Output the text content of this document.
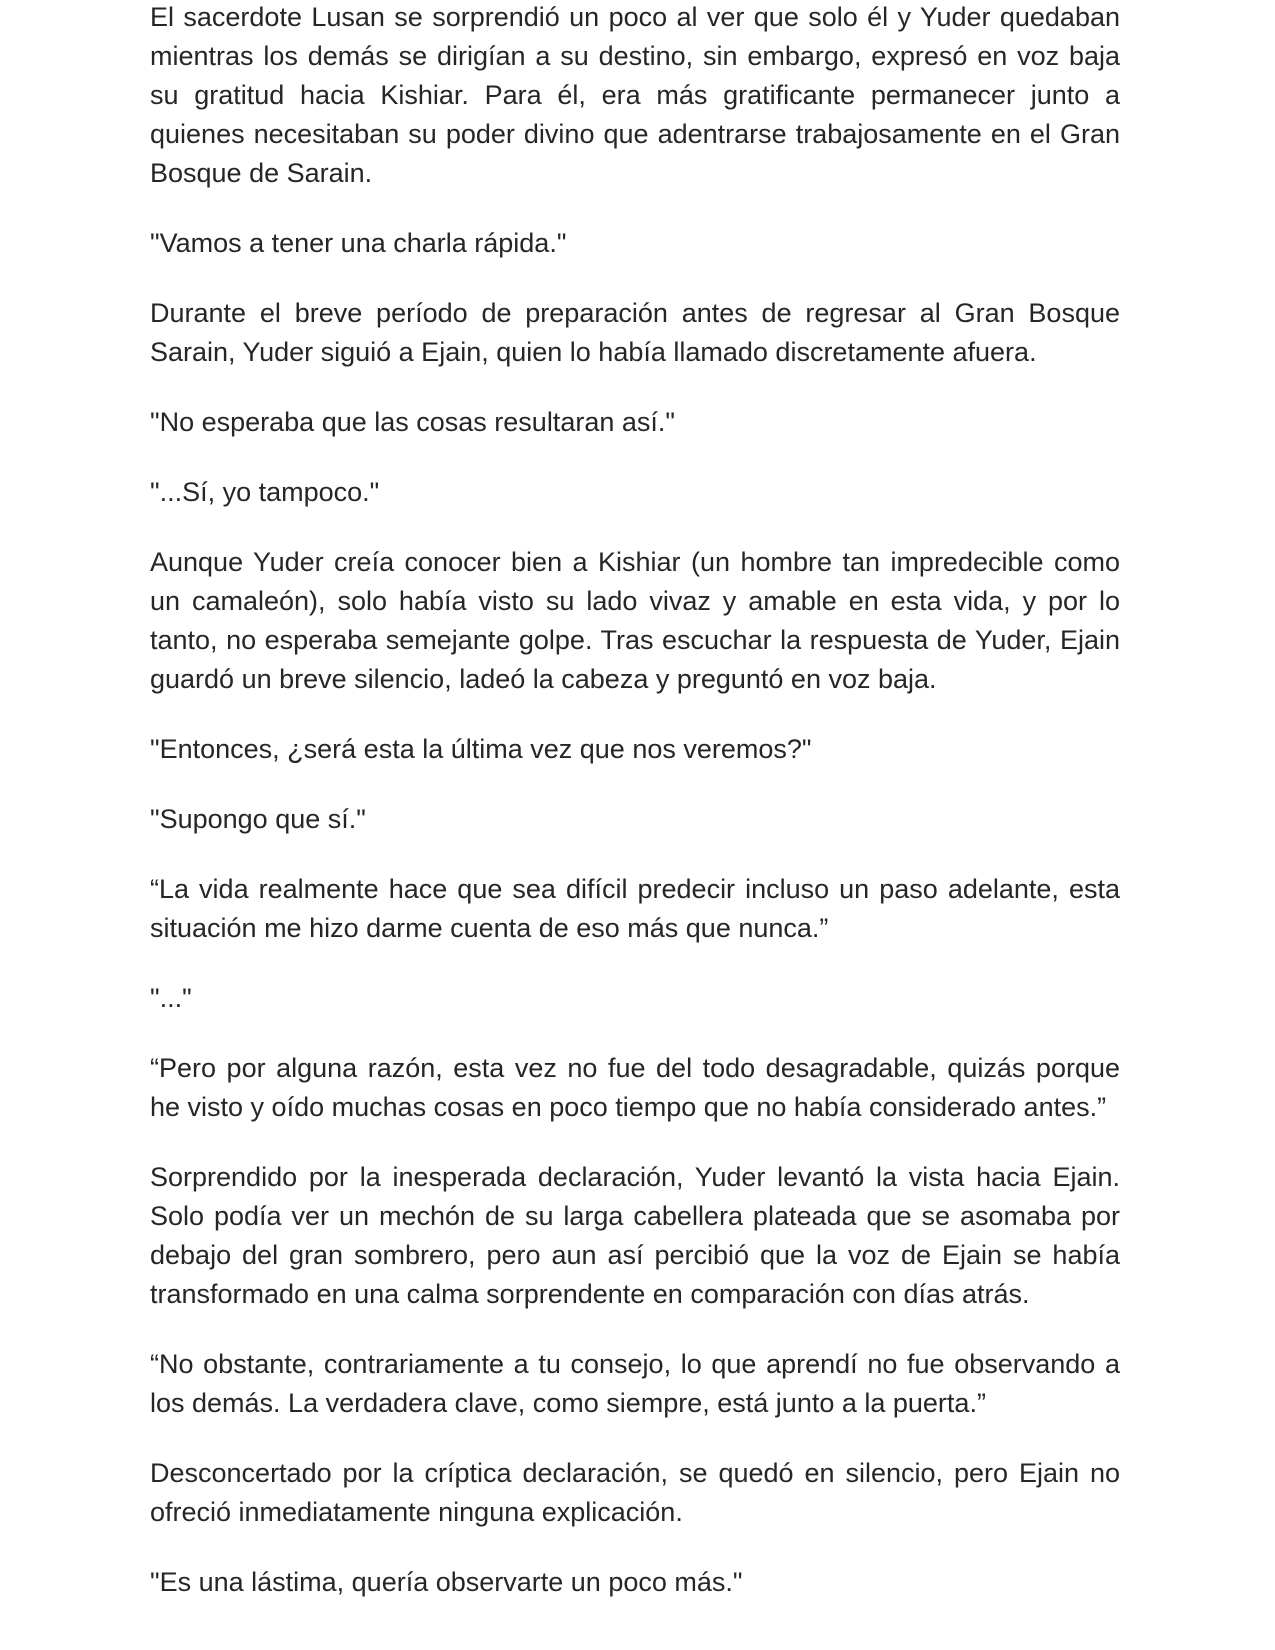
El sacerdote Lusan se sorprendió un poco al ver que solo él y Yuder quedaban mientras los demás se dirigían a su destino, sin embargo, expresó en voz baja su gratitud hacia Kishiar. Para él, era más gratificante permanecer junto a quienes necesitaban su poder divino que adentrarse trabajosamente en el Gran Bosque de Sarain.

"Vamos a tener una charla rápida."

Durante el breve período de preparación antes de regresar al Gran Bosque Sarain, Yuder siguió a Ejain, quien lo había llamado discretamente afuera.

"No esperaba que las cosas resultaran así."

"...Sí, yo tampoco."

Aunque Yuder creía conocer bien a Kishiar (un hombre tan impredecible como un camaleón), solo había visto su lado vivaz y amable en esta vida, y por lo tanto, no esperaba semejante golpe. Tras escuchar la respuesta de Yuder, Ejain guardó un breve silencio, ladeó la cabeza y preguntó en voz baja.

"Entonces, ¿será esta la última vez que nos veremos?"

"Supongo que sí."

“La vida realmente hace que sea difícil predecir incluso un paso adelante, esta situación me hizo darme cuenta de eso más que nunca.”

"..."

“Pero por alguna razón, esta vez no fue del todo desagradable, quizás porque he visto y oído muchas cosas en poco tiempo que no había considerado antes.”

Sorprendido por la inesperada declaración, Yuder levantó la vista hacia Ejain. Solo podía ver un mechón de su larga cabellera plateada que se asomaba por debajo del gran sombrero, pero aun así percibió que la voz de Ejain se había transformado en una calma sorprendente en comparación con días atrás.

“No obstante, contrariamente a tu consejo, lo que aprendí no fue observando a los demás. La verdadera clave, como siempre, está junto a la puerta.”

Desconcertado por la críptica declaración, se quedó en silencio, pero Ejain no ofreció inmediatamente ninguna explicación.

"Es una lástima, quería observarte un poco más."
